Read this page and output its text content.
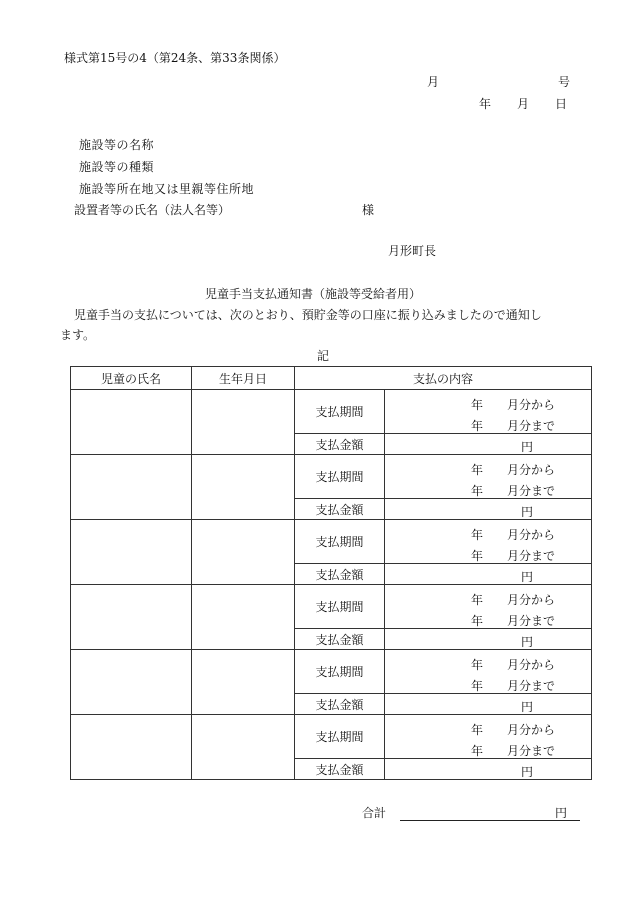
様式第15号の4（第24条、第33条関係）
月	号
年 月 日
施設等の名称
施設等の種類
施設等所在地又は里親等住所地
設置者等の氏名（法人名等）	様
月形町長
児童手当支払通知書（施設等受給者用）
児童手当の支払については、次のとおり、預貯金等の口座に振り込みましたので通知し
ます。
記
児童の氏名	生年月日	支払の内容	
		支払期間	年 月分から
年 月分まで

		支払金額	円

		支払期間	年 月分から
年 月分まで

		支払金額	円

		支払期間	年 月分から
年 月分まで

		支払金額	円

		支払期間	年 月分から
年 月分まで

		支払金額	円

		支払期間	年 月分から
年 月分まで

		支払金額	円

		支払期間	年 月分から
年 月分まで

		支払金額	円
合計	円
